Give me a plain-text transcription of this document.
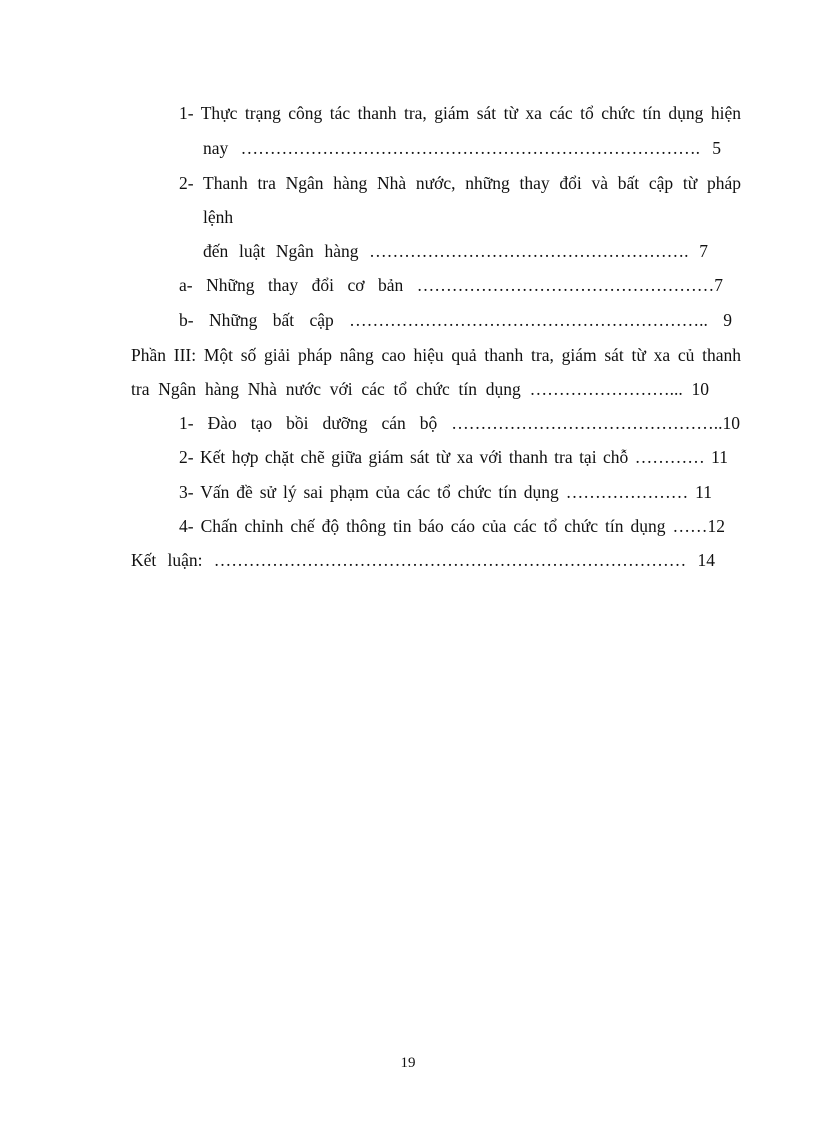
1- Thực trạng công tác thanh tra, giám sát từ xa các tổ chức tín dụng hiện
nay ……………………………………………………………………. 5
2- Thanh tra Ngân hàng Nhà nước, những thay đổi và bất cập từ pháp
lệnh
đến luật Ngân hàng ………………………………………………. 7
a- Những thay đổi cơ bản ……………………………………………7
b- Những bất cập …………………………………………………….. 9
Phần III: Một số giải pháp nâng cao hiệu quả thanh tra, giám sát từ xa củ thanh
tra Ngân hàng Nhà nước với các tổ chức tín dụng ……………………... 10
1- Đào tạo bồi dưỡng cán bộ ………………………………………..10
2- Kết hợp chặt chẽ giữa giám sát từ xa với thanh tra tại chỗ ………… 11
3- Vấn đề sử lý sai phạm của các tổ chức tín dụng ………………… 11
4- Chấn chỉnh chế độ thông tin báo cáo của các tổ chức tín dụng ……12
Kết luận: ……………………………………………………………………… 14
19
